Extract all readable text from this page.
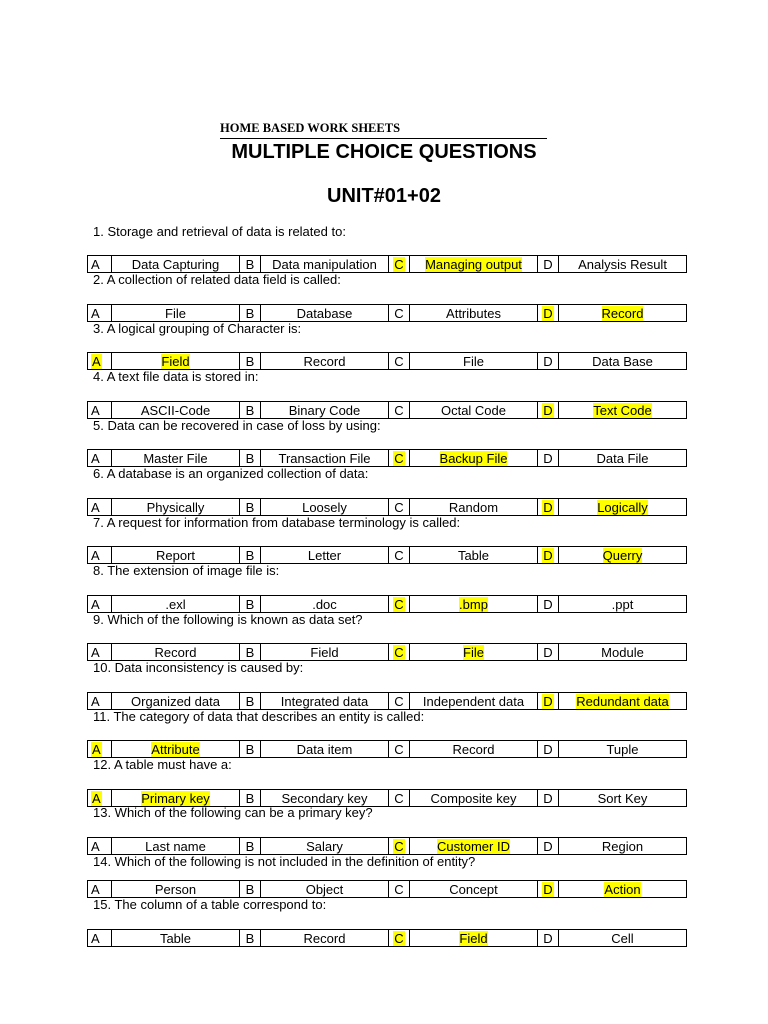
HOME BASED WORK SHEETS
MULTIPLE CHOICE QUESTIONS
UNIT#01+02
1. Storage and retrieval of data is related to:
A	Data Capturing	B	Data manipulation	C	Managing output	D	Analysis Result
2. A collection of related data field is called:
A	File	B	Database	C	Attributes	D	Record
3. A logical grouping of Character is:
A	Field	B	Record	C	File	D	Data Base
4. A text file data is stored in:
A	ASCII-Code	B	Binary Code	C	Octal Code	D	Text Code
5. Data can be recovered in case of loss by using:
A	Master File	B	Transaction File	C	Backup File	D	Data File
6. A database is an organized collection of data:
A	Physically	B	Loosely	C	Random	D	Logically
7. A request for information from database terminology is called:
A	Report	B	Letter	C	Table	D	Querry
8. The extension of image file is:
A	.exl	B	.doc	C	.bmp	D	.ppt
9. Which of the following is known as data set?
A	Record	B	Field	C	File	D	Module
10. Data inconsistency is caused by:
A	Organized data	B	Integrated data	C	Independent data	D	Redundant data
11. The category of data that describes an entity is called:
A	Attribute	B	Data item	C	Record	D	Tuple
12. A table must have a:
A	Primary key	B	Secondary key	C	Composite key	D	Sort Key
13. Which of the following can be a primary key?
A	Last name	B	Salary	C	Customer ID	D	Region
14. Which of the following is not included in the definition of entity?
A	Person	B	Object	C	Concept	D	Action
15. The column of a table correspond to:
A	Table	B	Record	C	Field	D	Cell
